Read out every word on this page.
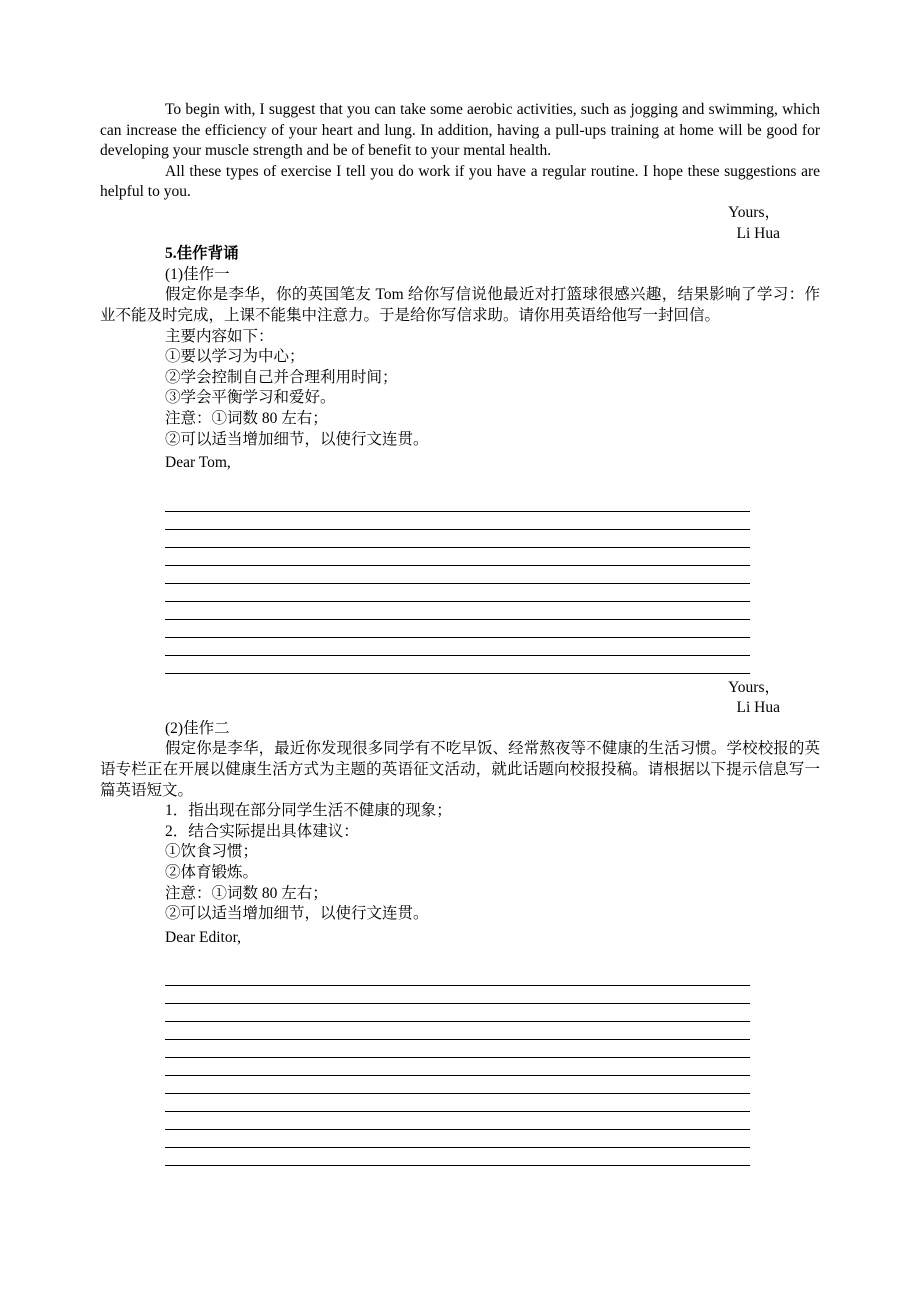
To begin with, I suggest that you can take some aerobic activities, such as jogging and swimming, which can increase the efficiency of your heart and lung. In addition, having a pull-ups training at home will be good for developing your muscle strength and be of benefit to your mental health.

All these types of exercise I tell you do work if you have a regular routine. I hope these suggestions are helpful to you.

Yours，
Li Hua
5.佳作背诵
(1)佳作一

假定你是李华，你的英国笔友 Tom 给你写信说他最近对打篮球很感兴趣，结果影响了学习：作业不能及时完成，上课不能集中注意力。于是给你写信求助。请你用英语给他写一封回信。

主要内容如下：
①要以学习为中心；
②学会控制自己并合理利用时间；
③学会平衡学习和爱好。
注意：①词数 80 左右；
②可以适当增加细节，以使行文连贯。
Dear Tom,
Yours，
Li Hua
(2)佳作二

假定你是李华，最近你发现很多同学有不吃早饭、经常熬夜等不健康的生活习惯。学校校报的英语专栏正在开展以健康生活方式为主题的英语征文活动，就此话题向校报投稿。请根据以下提示信息写一篇英语短文。

1．指出现在部分同学生活不健康的现象；
2．结合实际提出具体建议：
①饮食习惯；
②体育锻炼。
注意：①词数 80 左右；
②可以适当增加细节，以使行文连贯。
Dear Editor,
